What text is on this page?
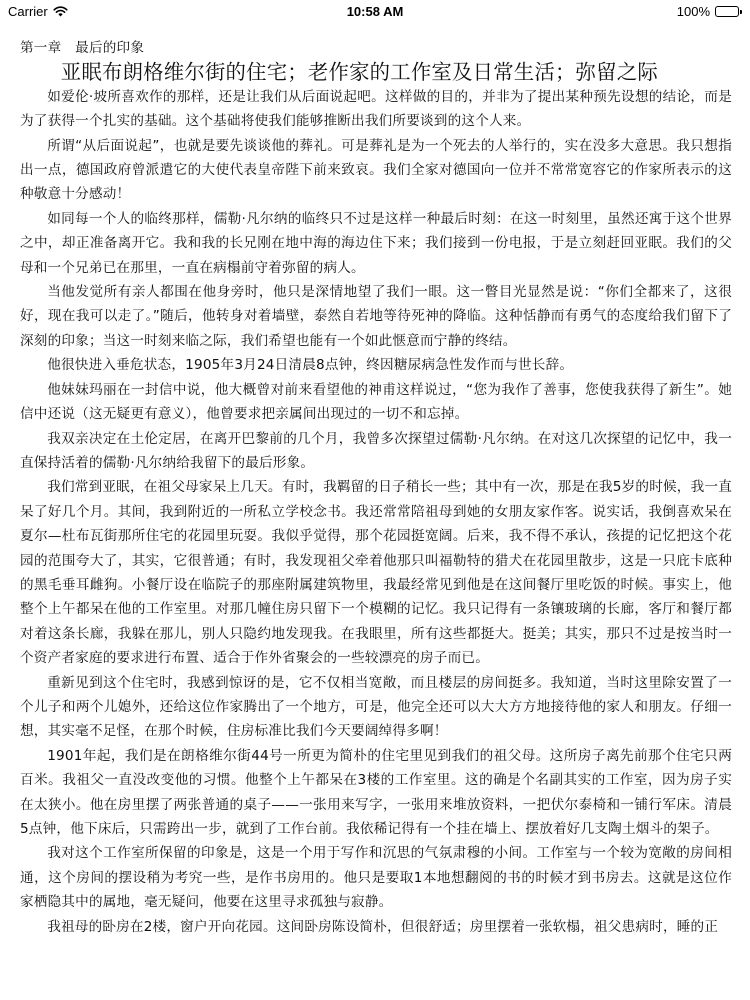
Carrier	10:58 AM	100%
第一章　最后的印象
亚眠布朗格维尔街的住宅；老作家的工作室及日常生活；弥留之际

如爱伦·坡所喜欢作的那样，还是让我们从后面说起吧。这样做的目的，并非为了提出某种预先设想的结论，而是为了获得一个扎实的基础。这个基础将使我们能够推断出我们所要谈到的这个人来。

所谓“从后面说起”，也就是要先谈谈他的葬礼。可是葬礼是为一个死去的人举行的，实在没多大意思。我只想指出一点，德国政府曾派遣它的大使代表皇帝陛下前来致哀。我们全家对德国向一位并不常常宽容它的作家所表示的这种敬意十分感动！

如同每一个人的临终那样，儒勒·凡尔纳的临终只不过是这样一种最后时刻：在这一时刻里，虽然还寓于这个世界之中，却正准备离开它。我和我的长兄刚在地中海的海边住下来；我们接到一份电报，于是立刻赶回亚眠。我们的父母和一个兄弟已在那里，一直在病榻前守着弥留的病人。

当他发觉所有亲人都围在他身旁时，他只是深情地望了我们一眼。这一瞥目光显然是说：“你们全都来了，这很好，现在我可以走了。”随后，他转身对着墙壁，泰然自若地等待死神的降临。这种恬静而有勇气的态度给我们留下了深刻的印象；当这一时刻来临之际，我们希望也能有一个如此惬意而宁静的终结。

他很快进入垂危状态，1905年3月24日清晨8点钟，终因糖尿病急性发作而与世长辞。

他妹妹玛丽在一封信中说，他大概曾对前来看望他的神甫这样说过，“您为我作了善事，您使我获得了新生”。她信中还说（这无疑更有意义），他曾要求把亲属间出现过的一切不和忘掉。

我双亲决定在土伦定居，在离开巴黎前的几个月，我曾多次探望过儒勒·凡尔纳。在对这几次探望的记忆中，我一直保持活着的儒勒·凡尔纳给我留下的最后形象。

我们常到亚眠，在祖父母家呆上几天。有时，我羁留的日子稍长一些；其中有一次，那是在我5岁的时候，我一直呆了好几个月。其间，我到附近的一所私立学校念书。我还常常陪祖母到她的女朋友家作客。说实话，我倒喜欢呆在夏尔—杜布瓦街那所住宅的花园里玩耍。我似乎觉得，那个花园挺宽阔。后来，我不得不承认，孩提的记忆把这个花园的范围夸大了，其实，它很普通；有时，我发现祖父牵着他那只叫福勒特的猎犬在花园里散步，这是一只庇卡底种的黑毛垂耳雌狗。小餐厅设在临院子的那座附属建筑物里，我最经常见到他是在这间餐厅里吃饭的时候。事实上，他整个上午都呆在他的工作室里。对那几幢住房只留下一个模糊的记忆。我只记得有一条镶玻璃的长廊，客厅和餐厅都对着这条长廊，我躲在那儿，别人只隐约地发现我。在我眼里，所有这些都挺大。挺美；其实，那只不过是按当时一个资产者家庭的要求进行布置、适合于作外省聚会的一些较漂亮的房子而已。

重新见到这个住宅时，我感到惊讶的是，它不仅相当宽敞，而且楼层的房间挺多。我知道，当时这里除安置了一个儿子和两个儿媳外，还给这位作家腾出了一个地方，可是，他完全还可以大大方方地接待他的家人和朋友。仔细一想，其实毫不足怪，在那个时候，住房标准比我们今天要阔绰得多啊！

1901年起，我们是在朗格维尔街44号一所更为简朴的住宅里见到我们的祖父母。这所房子离先前那个住宅只两百米。我祖父一直没改变他的习惯。他整个上午都呆在3楼的工作室里。这的确是个名副其实的工作室，因为房子实在太狭小。他在房里摆了两张普通的桌子——一张用来写字，一张用来堆放资料，一把伏尔泰椅和一铺行军床。清晨5点钟，他下床后，只需跨出一步，就到了工作台前。我依稀记得有一个挂在墙上、摆放着好几支陶土烟斗的架子。

我对这个工作室所保留的印象是，这是一个用于写作和沉思的气氛肃穆的小间。工作室与一个较为宽敞的房间相通，这个房间的摆设稍为考究一些，是作书房用的。他只是要取1本地想翻阅的书的时候才到书房去。这就是这位作家栖隐其中的属地，毫无疑问，他要在这里寻求孤独与寂静。

我祖母的卧房在2楼，窗户开向花园。这间卧房陈设简朴，但很舒适；房里摆着一张软榻，祖父患病时，睡的正
